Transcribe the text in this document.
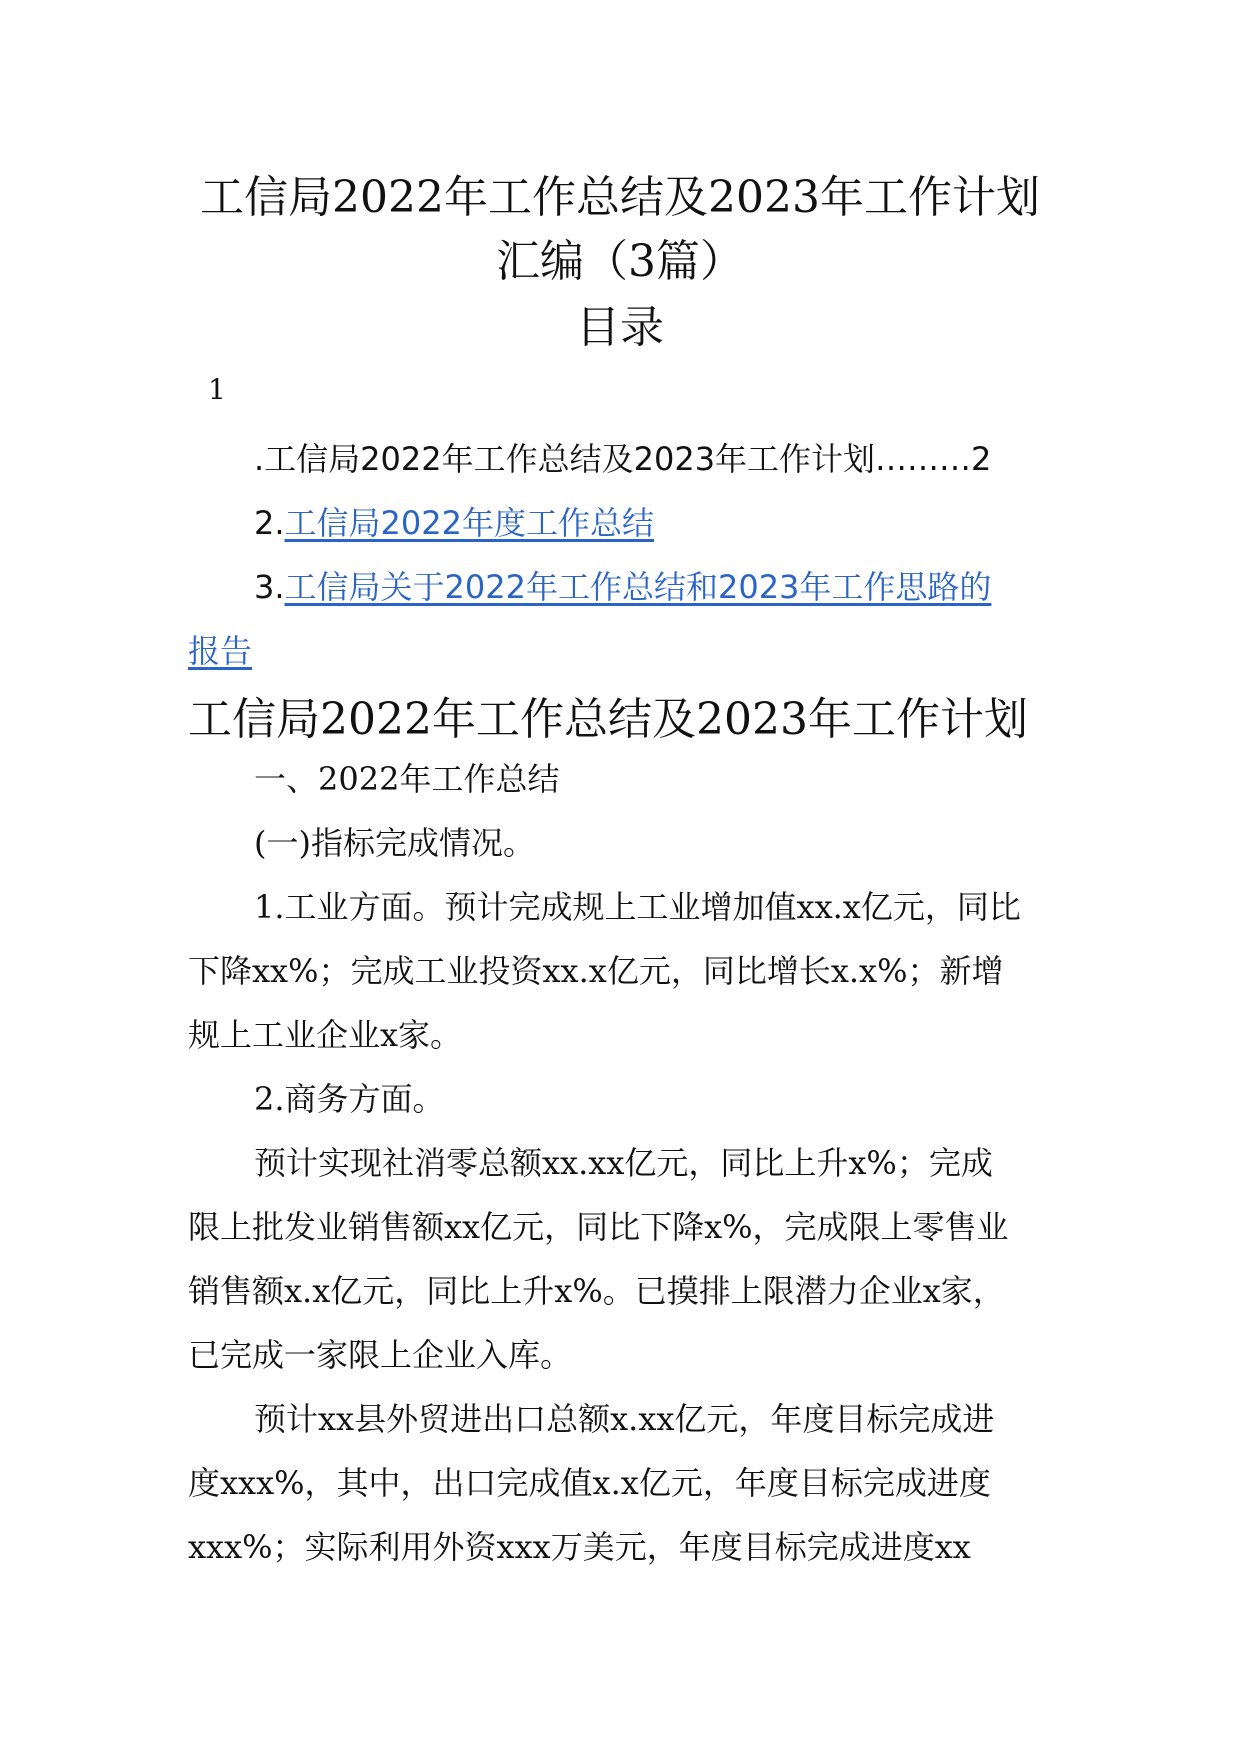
工信局2022年工作总结及2023年工作计划
汇编（3篇）
目录
1
.工信局2022年工作总结及2023年工作计划………2
2.工信局2022年度工作总结
3.工信局关于2022年工作总结和2023年工作思路的
报告
工信局2022年工作总结及2023年工作计划
一、2022年工作总结
(一)指标完成情况。
1.工业方面。预计完成规上工业增加值xx.x亿元，同比
下降xx%；完成工业投资xx.x亿元，同比增长x.x%；新增
规上工业企业x家。
2.商务方面。
预计实现社消零总额xx.xx亿元，同比上升x%；完成
限上批发业销售额xx亿元，同比下降x%，完成限上零售业
销售额x.x亿元，同比上升x%。已摸排上限潜力企业x家，
已完成一家限上企业入库。
预计xx县外贸进出口总额x.xx亿元，年度目标完成进
度xxx%，其中，出口完成值x.x亿元，年度目标完成进度
xxx%；实际利用外资xxx万美元，年度目标完成进度xx
